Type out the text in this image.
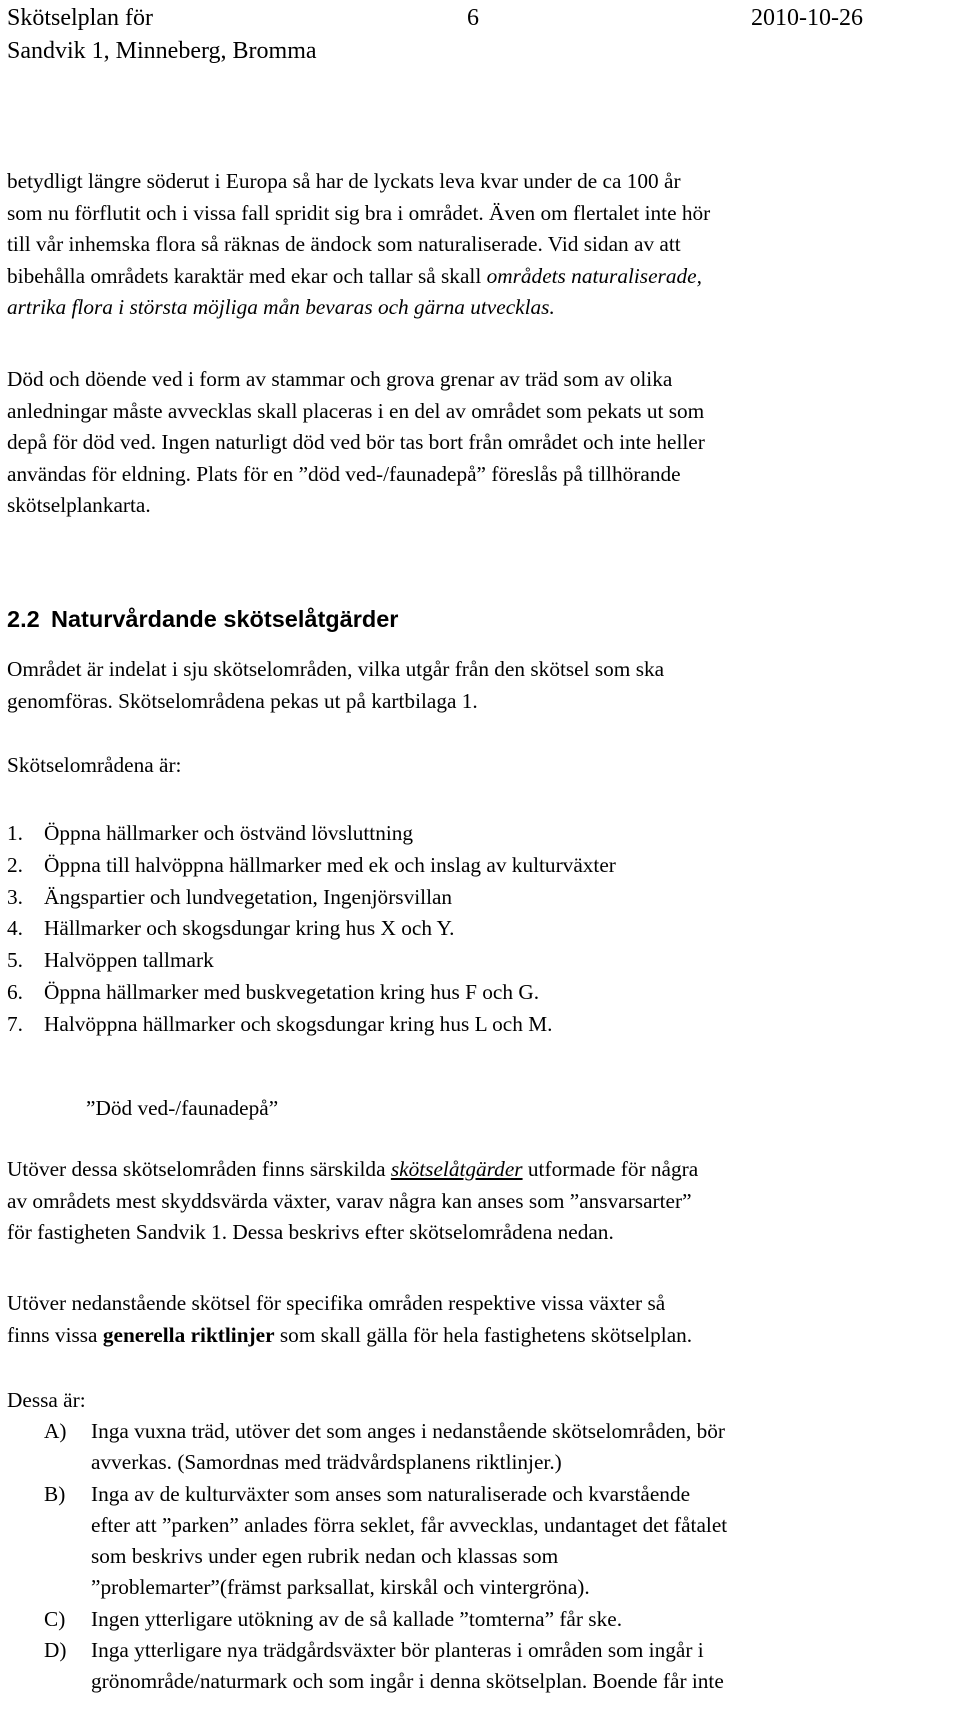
Skötselplan för
Sandvik 1, Minneberg, Bromma
6	2010-10-26
betydligt längre söderut i Europa så har de lyckats leva kvar under de ca 100 år
som nu förflutit och i vissa fall spridit sig bra i området. Även om flertalet inte hör
till vår inhemska flora så räknas de ändock som naturaliserade. Vid sidan av att
bibehålla områdets karaktär med ekar och tallar så skall områdets naturaliserade,
artrika flora i största möjliga mån bevaras och gärna utvecklas.
Död och döende ved i form av stammar och grova grenar av träd som av olika
anledningar måste avvecklas skall placeras i en del av området som pekats ut som
depå för död ved. Ingen naturligt död ved bör tas bort från området och inte heller
användas för eldning. Plats för en ”död ved-/faunadepå” föreslås på tillhörande
skötselplankarta.
2.2 Naturvårdande skötselåtgärder
Området är indelat i sju skötselområden, vilka utgår från den skötsel som ska
genomföras. Skötselområdena pekas ut på kartbilaga 1.
Skötselområdena är:
1. Öppna hällmarker och östvänd lövsluttning
2. Öppna till halvöppna hällmarker med ek och inslag av kulturväxter
3. Ängspartier och lundvegetation, Ingenjörsvillan
4. Hällmarker och skogsdungar kring hus X och Y.
5. Halvöppen tallmark
6. Öppna hällmarker med buskvegetation kring hus F och G.
7. Halvöppna hällmarker och skogsdungar kring hus L och M.
”Död ved-/faunadepå”
Utöver dessa skötselområden finns särskilda skötselåtgärder utformade för några
av områdets mest skyddsvärda växter, varav några kan anses som ”ansvarsarter”
för fastigheten Sandvik 1. Dessa beskrivs efter skötselområdena nedan.
Utöver nedanstående skötsel för specifika områden respektive vissa växter så
finns vissa generella riktlinjer som skall gälla för hela fastighetens skötselplan.
Dessa är:
A)	Inga vuxna träd, utöver det som anges i nedanstående skötselområden, bör
avverkas. (Samordnas med trädvårdsplanens riktlinjer.)
B)	Inga av de kulturväxter som anses som naturaliserade och kvarstående
efter att ”parken” anlades förra seklet, får avvecklas, undantaget det fåtalet
som beskrivs under egen rubrik nedan och klassas som
”problemarter”(främst parksallat, kirskål och vintergröna).
C)	Ingen ytterligare utökning av de så kallade ”tomterna” får ske.
D)	Inga ytterligare nya trädgårdsväxter bör planteras i områden som ingår i
grönområde/naturmark och som ingår i denna skötselplan. Boende får inte
